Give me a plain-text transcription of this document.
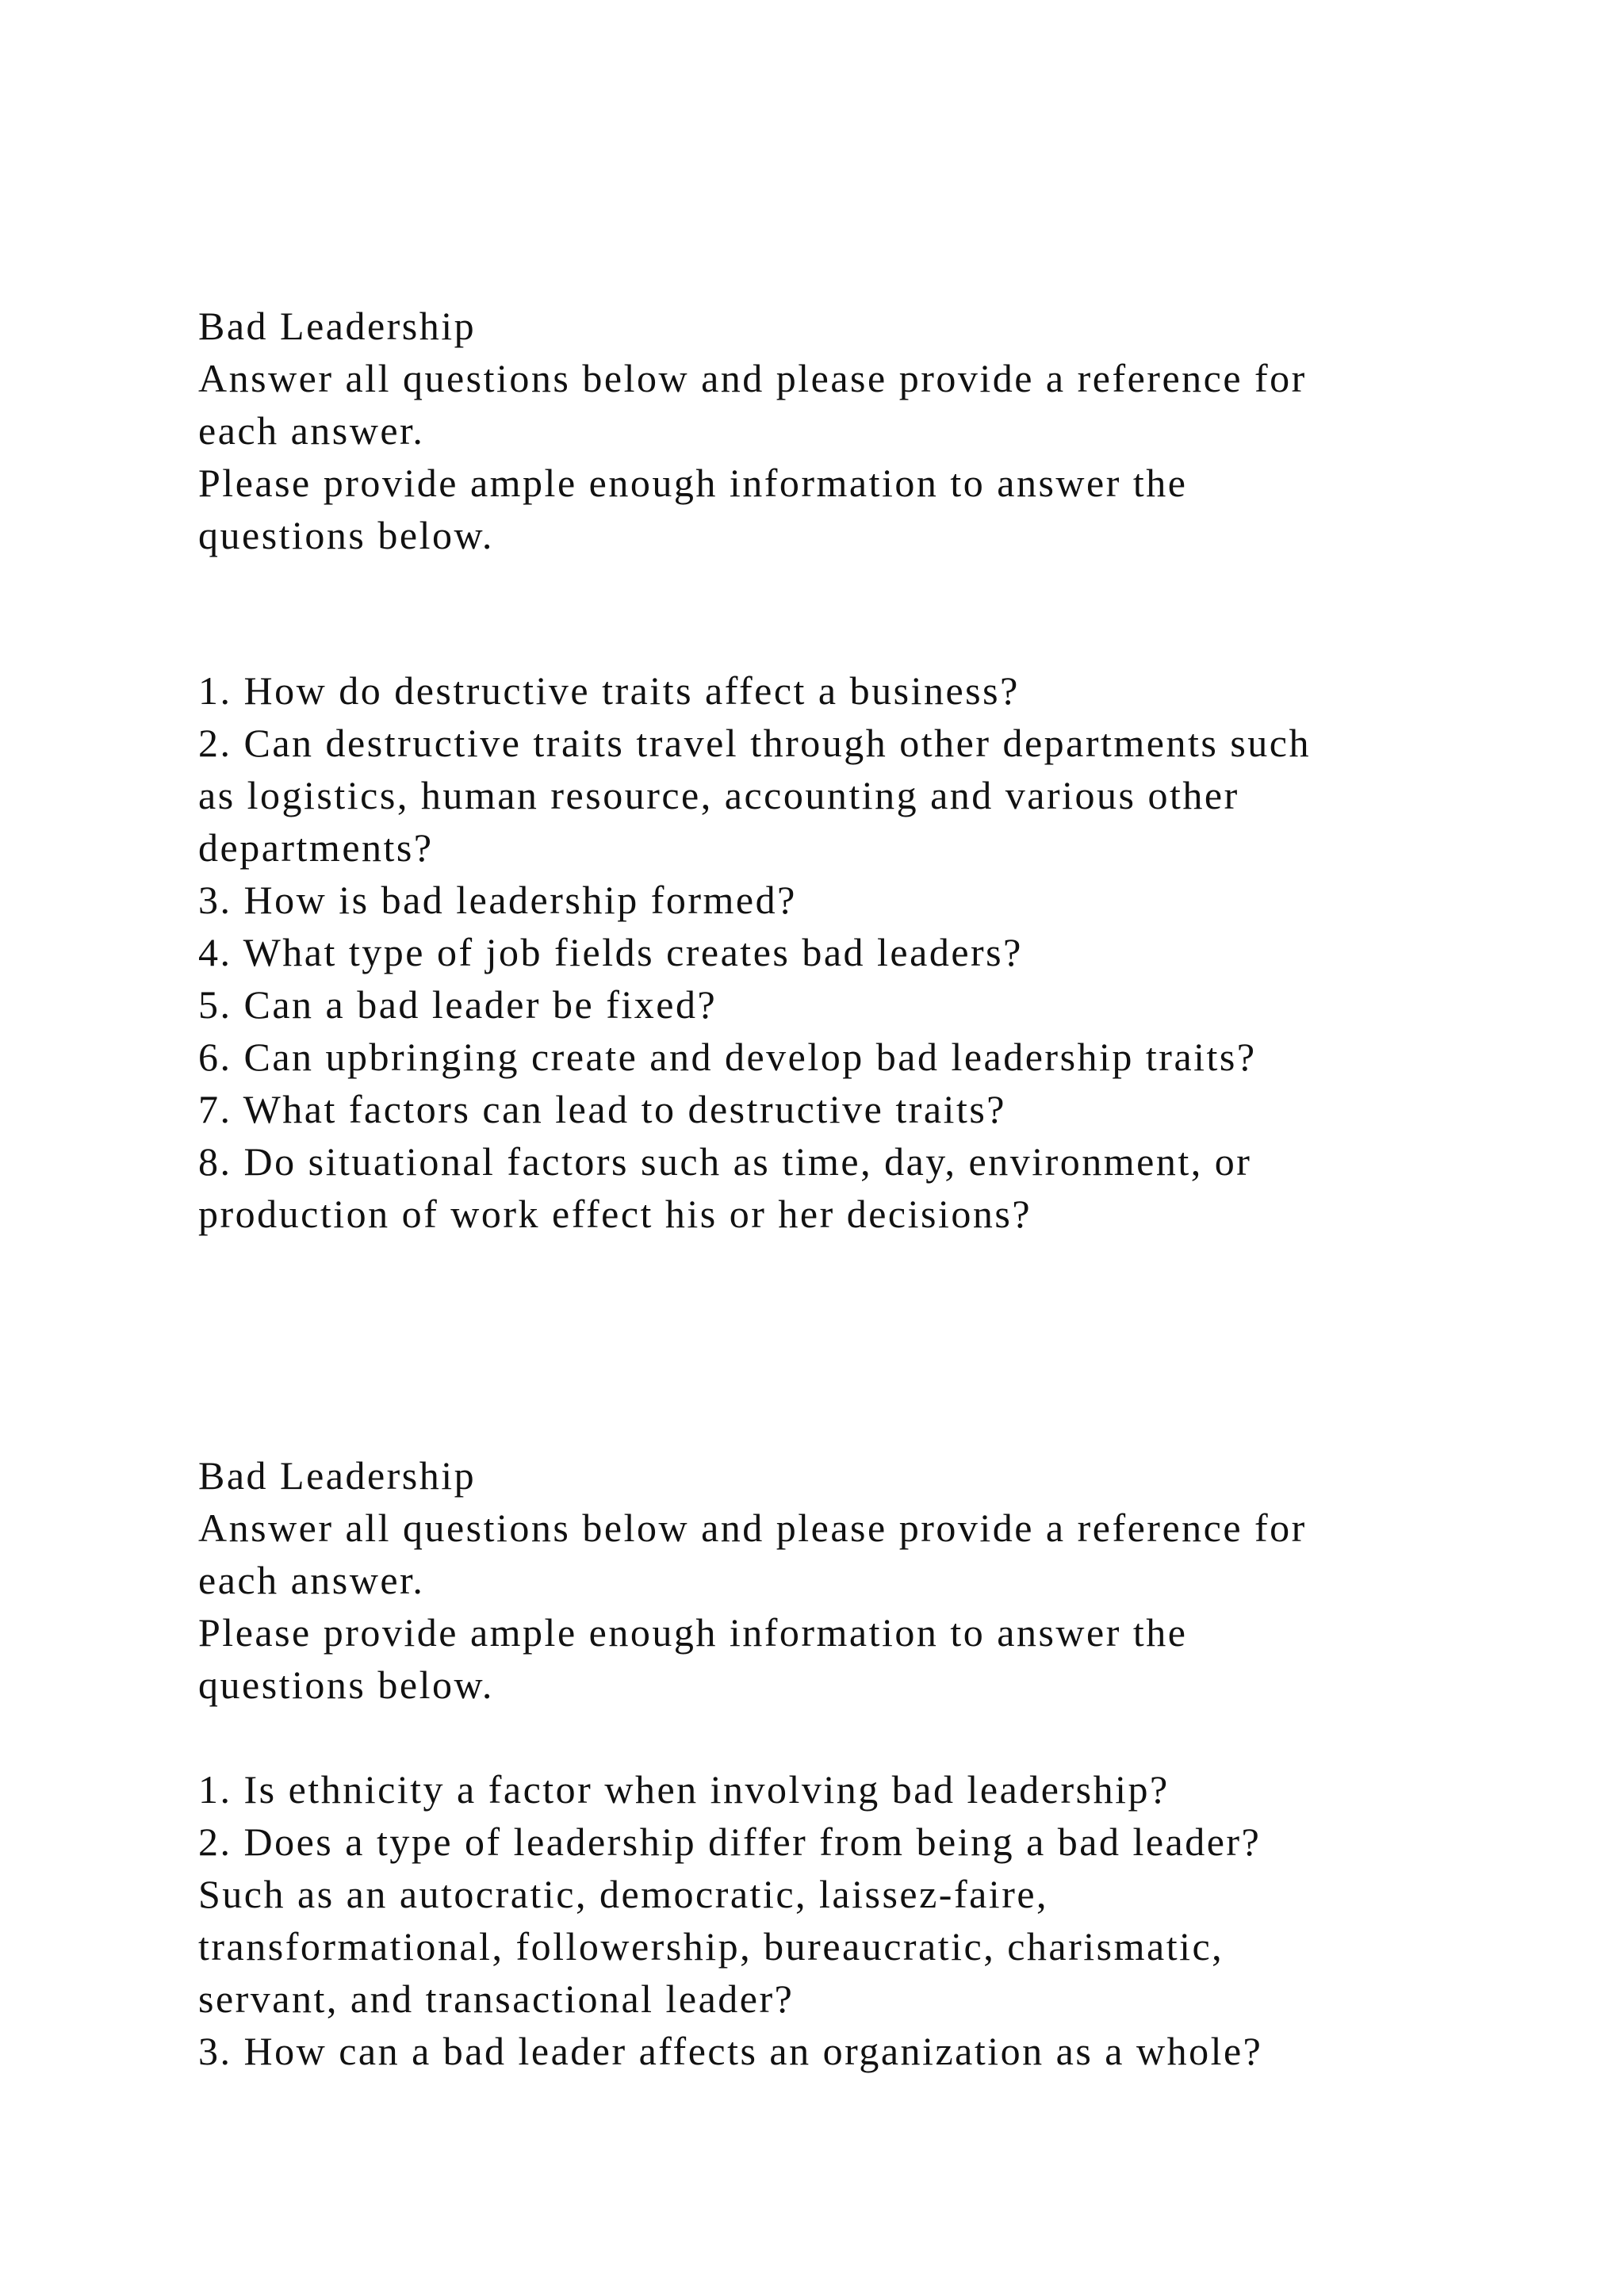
Bad Leadership

Answer all questions below and please provide a reference for

each answer.

Please provide ample enough information to answer the

questions below.

1. How do destructive traits affect a business?

2. Can destructive traits travel through other departments such

as logistics, human resource, accounting and various other

departments?

3. How is bad leadership formed?

4. What type of job fields creates bad leaders?

5. Can a bad leader be fixed?

6. Can upbringing create and develop bad leadership traits?

7. What factors can lead to destructive traits?

8. Do situational factors such as time, day, environment, or

production of work effect his or her decisions?

Bad Leadership

Answer all questions below and please provide a reference for

each answer.

Please provide ample enough information to answer the

questions below.

1. Is ethnicity a factor when involving bad leadership?

2. Does a type of leadership differ from being a bad leader?

Such as an autocratic, democratic, laissez-faire,

transformational, followership, bureaucratic, charismatic,

servant, and transactional leader?

3. How can a bad leader affects an organization as a whole?
